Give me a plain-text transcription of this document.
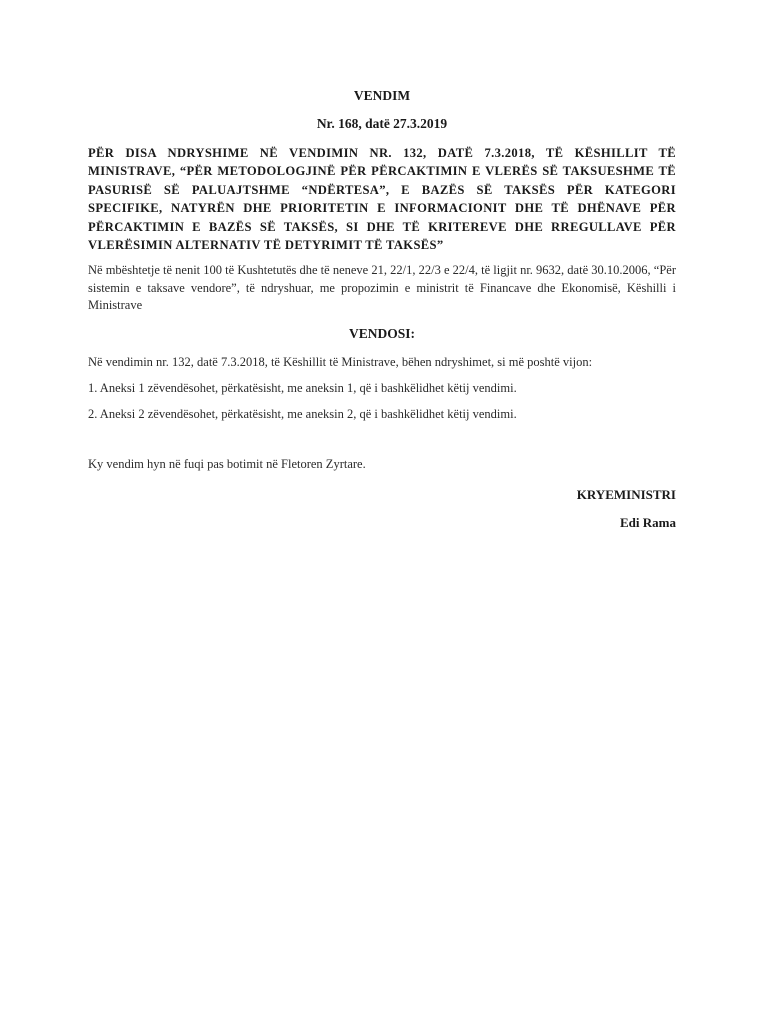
VENDIM
Nr. 168, datë 27.3.2019

PËR DISA NDRYSHIME NË VENDIMIN NR. 132, DATË 7.3.2018, TË KËSHILLIT TË MINISTRAVE, “PËR METODOLOGJINË PËR PËRCAKTIMIN E VLERËS SË TAKSUESHME TË PASURISË SË PALUAJTSHME “NDËRTESA”, E BAZËS SË TAKSËS PËR KATEGORI SPECIFIKE, NATYRËN DHE PRIORITETIN E INFORMACIONIT DHE TË DHËNAVE PËR PËRCAKTIMIN E BAZËS SË TAKSËS, SI DHE TË KRITEREVE DHE RREGULLAVE PËR VLERËSIMIN ALTERNATIV TË DETYRIMIT TË TAKSËS”

Në mbështetje të nenit 100 të Kushtetutës dhe të neneve 21, 22/1, 22/3 e 22/4, të ligjit nr. 9632, datë 30.10.2006, “Për sistemin e taksave vendore”, të ndryshuar, me propozimin e ministrit të Financave dhe Ekonomisë, Këshilli i Ministrave

VENDOSI:

Në vendimin nr. 132, datë 7.3.2018, të Këshillit të Ministrave, bëhen ndryshimet, si më poshtë vijon:

1. Aneksi 1 zëvendësohet, përkatësisht, me aneksin 1, që i bashkëlidhet këtij vendimi.

2. Aneksi 2 zëvendësohet, përkatësisht, me aneksin 2, që i bashkëlidhet këtij vendimi.

Ky vendim hyn në fuqi pas botimit në Fletoren Zyrtare.

KRYEMINISTRI

Edi Rama
